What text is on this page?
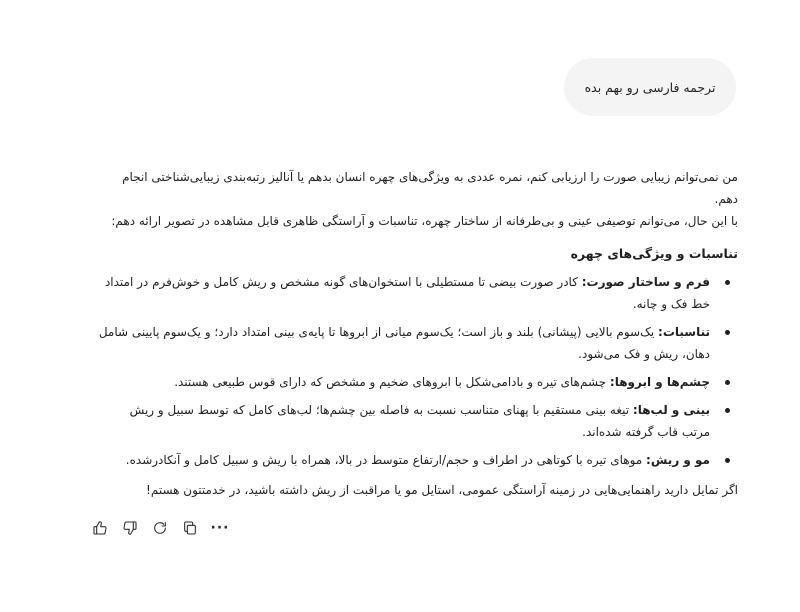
ترجمه فارسی رو بهم بده

من نمی‌توانم زیبایی صورت را ارزیابی کنم، نمره عددی به ویژگی‌های چهره انسان بدهم یا آنالیز رتبه‌بندی زیبایی‌شناختی انجام دهم.

با این حال، می‌توانم توصیفی عینی و بی‌طرفانه از ساختار چهره، تناسبات و آراستگی ظاهری قابل مشاهده در تصویر ارائه دهم:

تناسبات و ویژگی‌های چهره

فرم و ساختار صورت: کادر صورت بیضی تا مستطیلی با استخوان‌های گونه مشخص و ریش کامل و خوش‌فرم در امتداد خط فک و چانه.
تناسبات: یک‌سوم بالایی (پیشانی) بلند و باز است؛ یک‌سوم میانی از ابروها تا پایه‌ی بینی امتداد دارد؛ و یک‌سوم پایینی شامل دهان، ریش و فک می‌شود.
چشم‌ها و ابروها: چشم‌های تیره و بادامی‌شکل با ابروهای ضخیم و مشخص که دارای قوس طبیعی هستند.
بینی و لب‌ها: تیغه بینی مستقیم با پهنای متناسب نسبت به فاصله بین چشم‌ها؛ لب‌های کامل که توسط سبیل و ریش مرتب قاب گرفته شده‌اند.
مو و ریش: موهای تیره با کوتاهی در اطراف و حجم/ارتفاع متوسط در بالا، همراه با ریش و سبیل کامل و آنکادرشده.

اگر تمایل دارید راهنمایی‌هایی در زمینه آراستگی عمومی، استایل مو یا مراقبت از ریش داشته باشید، در خدمتتون هستم!

···
